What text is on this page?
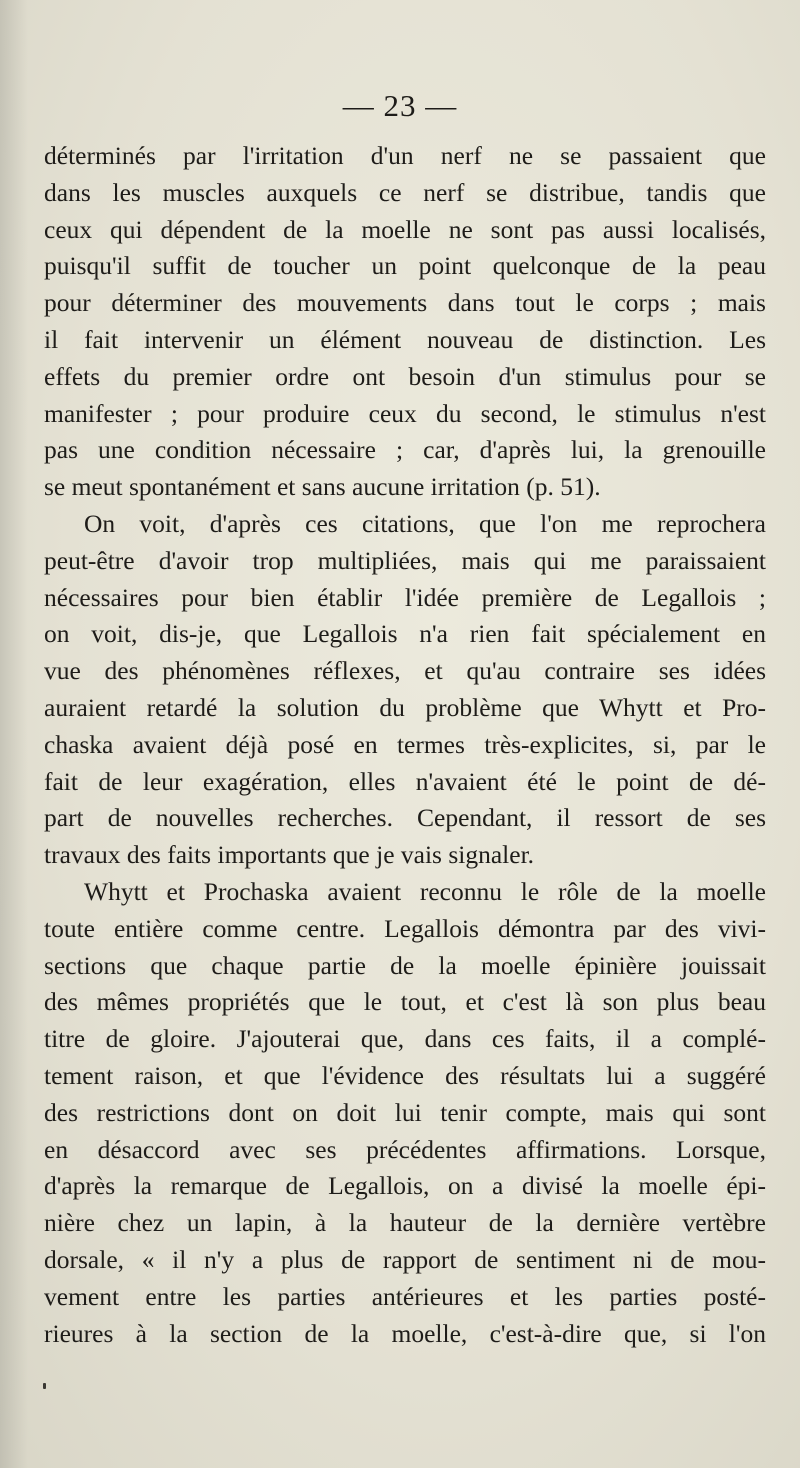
— 23 —
déterminés par l'irritation d'un nerf ne se passaient que
dans les muscles auxquels ce nerf se distribue, tandis que
ceux qui dépendent de la moelle ne sont pas aussi localisés,
puisqu'il suffit de toucher un point quelconque de la peau
pour déterminer des mouvements dans tout le corps ; mais
il fait intervenir un élément nouveau de distinction. Les
effets du premier ordre ont besoin d'un stimulus pour se
manifester ; pour produire ceux du second, le stimulus n'est
pas une condition nécessaire ; car, d'après lui, la grenouille
se meut spontanément et sans aucune irritation (p. 51).
On voit, d'après ces citations, que l'on me reprochera
peut-être d'avoir trop multipliées, mais qui me paraissaient
nécessaires pour bien établir l'idée première de Legallois ;
on voit, dis-je, que Legallois n'a rien fait spécialement en
vue des phénomènes réflexes, et qu'au contraire ses idées
auraient retardé la solution du problème que Whytt et Pro-
chaska avaient déjà posé en termes très-explicites, si, par le
fait de leur exagération, elles n'avaient été le point de dé-
part de nouvelles recherches. Cependant, il ressort de ses
travaux des faits importants que je vais signaler.
Whytt et Prochaska avaient reconnu le rôle de la moelle
toute entière comme centre. Legallois démontra par des vivi-
sections que chaque partie de la moelle épinière jouissait
des mêmes propriétés que le tout, et c'est là son plus beau
titre de gloire. J'ajouterai que, dans ces faits, il a complé-
tement raison, et que l'évidence des résultats lui a suggéré
des restrictions dont on doit lui tenir compte, mais qui sont
en désaccord avec ses précédentes affirmations. Lorsque,
d'après la remarque de Legallois, on a divisé la moelle épi-
nière chez un lapin, à la hauteur de la dernière vertèbre
dorsale, « il n'y a plus de rapport de sentiment ni de mou-
vement entre les parties antérieures et les parties posté-
rieures à la section de la moelle, c'est-à-dire que, si l'on
